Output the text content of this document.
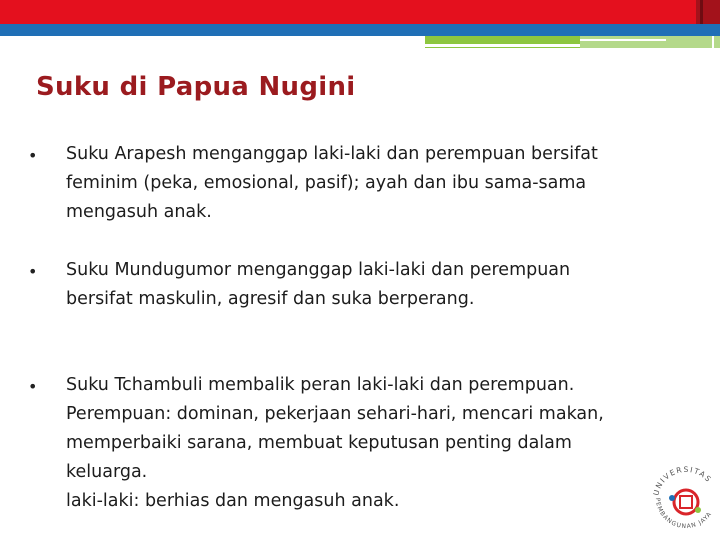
Suku di Papua Nugini
• Suku Arapesh menganggap laki-laki dan perempuan bersifat
feminim (peka, emosional, pasif); ayah dan ibu sama-sama
mengasuh anak.
• Suku Mundugumor menganggap laki-laki dan perempuan
bersifat maskulin, agresif dan suka berperang.
• Suku Tchambuli membalik peran laki-laki dan perempuan.
Perempuan: dominan, pekerjaan sehari-hari, mencari makan,
memperbaiki sarana, membuat keputusan penting dalam
keluarga.
laki-laki: berhias dan mengasuh anak.	UNIVERSITAS
PEMBANGUNAN JAYA
